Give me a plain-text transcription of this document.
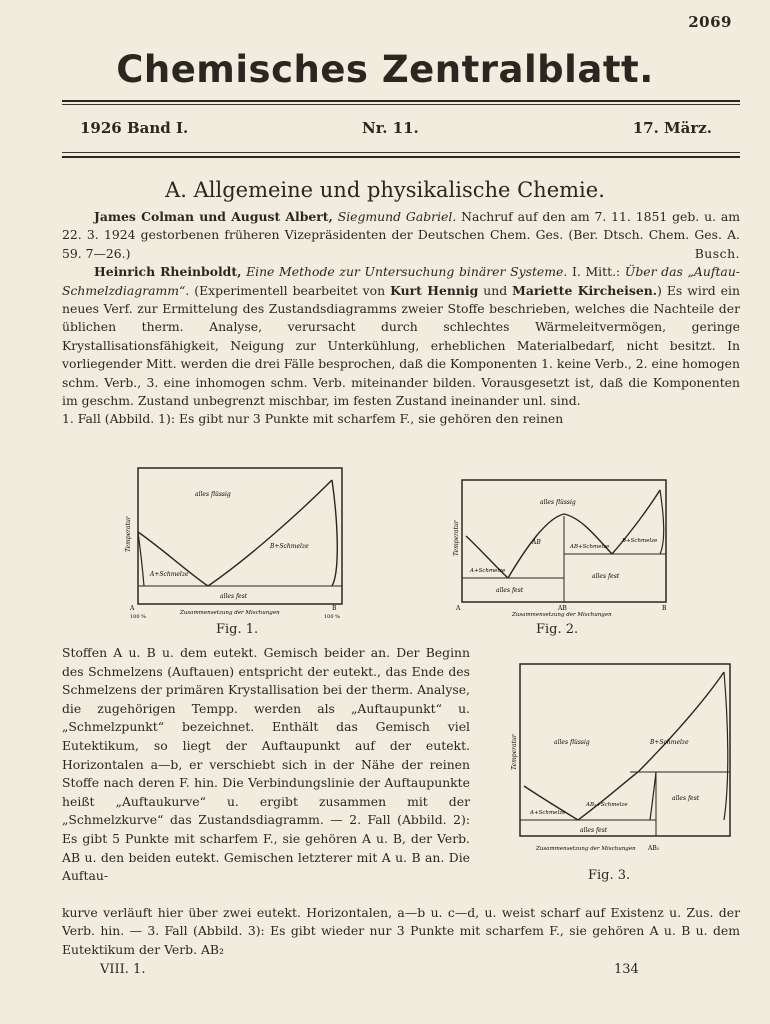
2069
Chemisches Zentralblatt.
1926 Band I.	Nr. 11.	17. März.
A. Allgemeine und physikalische Chemie.

James Colman und August Albert, Siegmund Gabriel. Nachruf auf den am 7. 11. 1851 geb. u. am 22. 3. 1924 gestorbenen früheren Vizepräsidenten der Deutschen Chem. Ges. (Ber. Dtsch. Chem. Ges. A. 59. 7—26.)	Busch.

Heinrich Rheinboldt, Eine Methode zur Untersuchung binärer Systeme. I. Mitt.: Über das „Auftau-Schmelzdiagramm“. (Experimentell bearbeitet von Kurt Hennig und Mariette Kircheisen.) Es wird ein neues Verf. zur Ermittelung des Zustandsdiagramms zweier Stoffe beschrieben, welches die Nachteile der üblichen therm. Analyse, verursacht durch schlechtes Wärmeleitvermögen, geringe Krystallisationsfähigkeit, Neigung zur Unterkühlung, erheblichen Materialbedarf, nicht besitzt. In vorliegender Mitt. werden die drei Fälle besprochen, daß die Komponenten 1. keine Verb., 2. eine homogen schm. Verb., 3. eine inhomogen schm. Verb. miteinander bilden. Vorausgesetzt ist, daß die Komponenten im geschm. Zustand unbegrenzt mischbar, im festen Zustand ineinander unl. sind.

1. Fall (Abbild. 1): Es gibt nur 3 Punkte mit scharfem F., sie gehören den reinen

alles flüssig
B+Schmelze
A+Schmelze
alles fest
Temperatur
Zusammensetzung der Mischungen
A
100 %
B
100 %
Fig. 1.
alles flüssig
AB
A+Schmelze
AB+Schmelze
B+Schmelze
alles fest
alles fest
Temperatur
Zusammensetzung der Mischungen
A	AB	B
Fig. 2.
Stoffen A u. B u. dem eutekt. Gemisch beider an. Der Beginn des Schmelzens (Auftauen) entspricht der eutekt., das Ende des Schmelzens der primären Krystallisation bei der therm. Analyse, die zugehörigen Tempp. werden als „Auftaupunkt“ u. „Schmelzpunkt“ bezeichnet. Enthält das Gemisch viel Eutektikum, so liegt der Auftaupunkt auf der eutekt. Horizontalen a—b, er verschiebt sich in der Nähe der reinen Stoffe nach deren F. hin. Die Verbindungslinie der Auftaupunkte heißt „Auftaukurve“ u. ergibt zusammen mit der „Schmelzkurve“ das Zustandsdiagramm. — 2. Fall (Abbild. 2): Es gibt 5 Punkte mit scharfem F., sie gehören A u. B, der Verb. AB u. den beiden eutekt. Gemischen letzterer mit A u. B an. Die Auftau-
alles flüssig	B+Schmelze
AB₂+Schmelze
A+Schmelze
alles fest
alles fest
Temperatur
Zusammensetzung der Mischungen AB₂
Fig. 3.
kurve verläuft hier über zwei eutekt. Horizontalen, a—b u. c—d, u. weist scharf auf Existenz u. Zus. der Verb. hin. — 3. Fall (Abbild. 3): Es gibt wieder nur 3 Punkte mit scharfem F., sie gehören A u. B u. dem Eutektikum der Verb. AB₂
VIII. 1.	134
